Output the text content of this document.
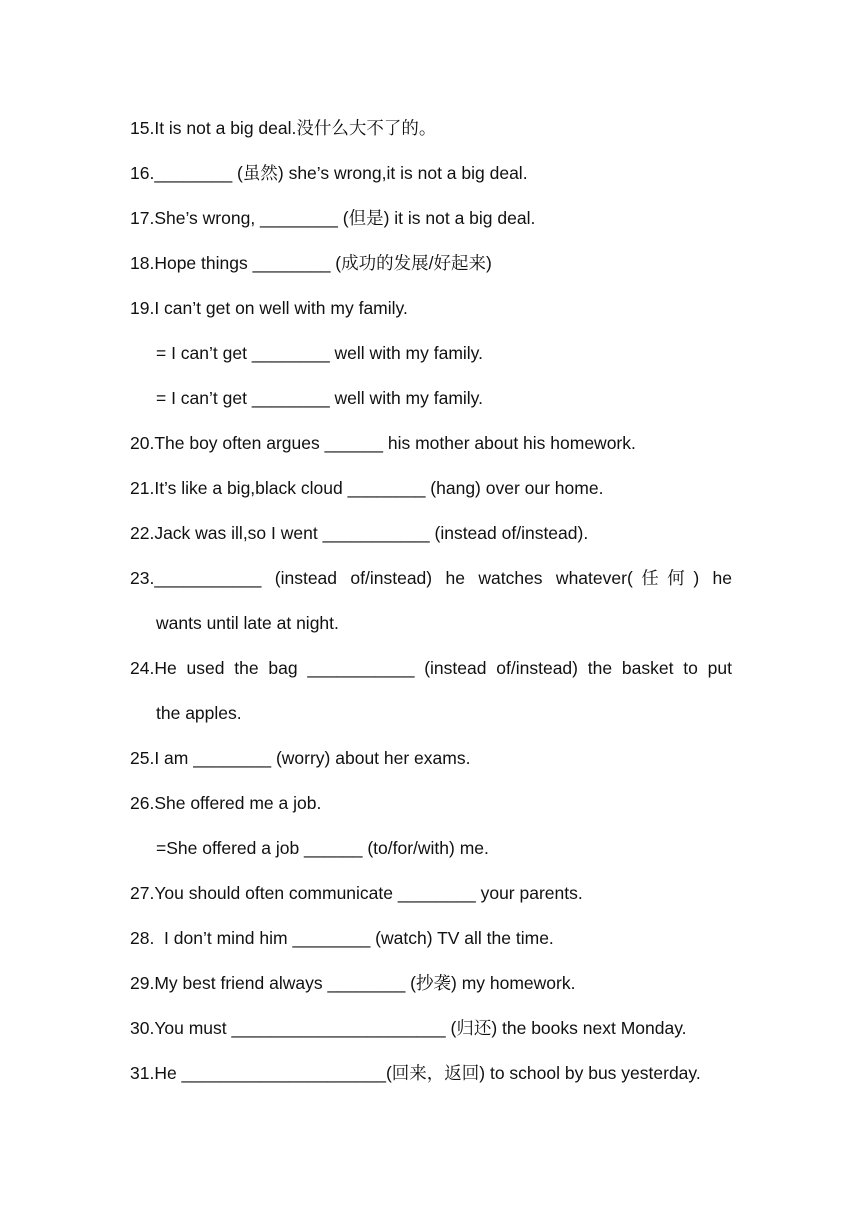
15.It is not a big deal.没什么大不了的。
16.________ (虽然) she’s wrong,it is not a big deal.
17.She’s wrong, ________ (但是) it is not a big deal.
18.Hope things ________ (成功的发展/好起来)
19.I can’t get on well with my family.
= I can’t get ________ well with my family.
= I can’t get ________ well with my family.
20.The boy often argues ______ his mother about his homework.
21.It’s like a big,black cloud ________ (hang) over our home.
22.Jack was ill,so I went ___________ (instead of/instead).
23.___________ (instead of/instead) he watches whatever(任何) he
wants until late at night.
24.He used the bag ___________ (instead of/instead) the basket to put
the apples.
25.I am ________ (worry) about her exams.
26.She offered me a job.
=She offered a job ______ (to/for/with) me.
27.You should often communicate ________ your parents.
28.  I don’t mind him ________ (watch) TV all the time.
29.My best friend always ________ (抄袭) my homework.
30.You must ______________________ (归还) the books next Monday.
31.He _____________________(回来，返回) to school by bus yesterday.
